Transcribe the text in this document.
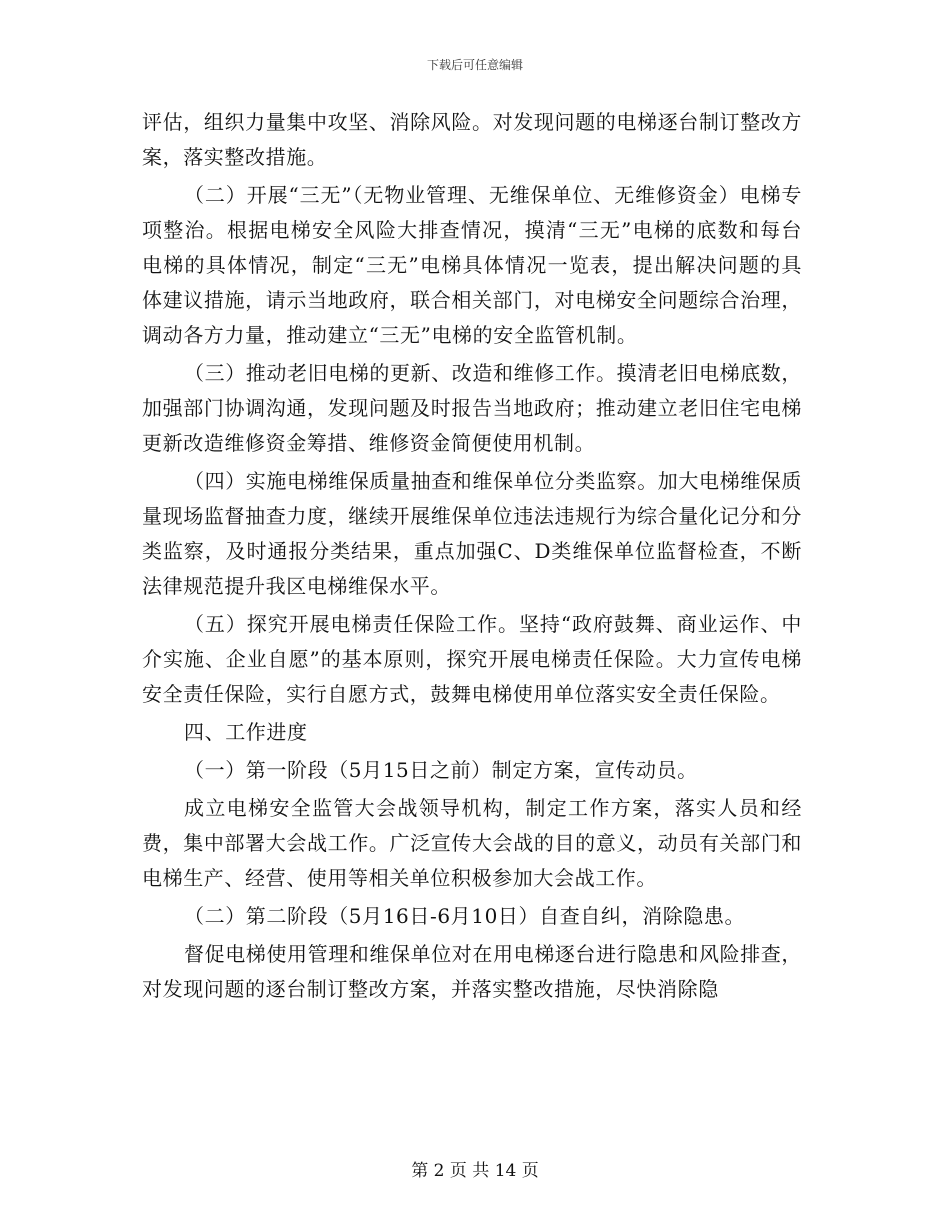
下载后可任意编辑

评估，组织力量集中攻坚、消除风险。对发现问题的电梯逐台制订整改方案，落实整改措施。

（二）开展“三无”（无物业管理、无维保单位、无维修资金）电梯专项整治。根据电梯安全风险大排查情况，摸清“三无”电梯的底数和每台电梯的具体情况，制定“三无”电梯具体情况一览表，提出解决问题的具体建议措施，请示当地政府，联合相关部门，对电梯安全问题综合治理，调动各方力量，推动建立“三无”电梯的安全监管机制。

（三）推动老旧电梯的更新、改造和维修工作。摸清老旧电梯底数，加强部门协调沟通，发现问题及时报告当地政府；推动建立老旧住宅电梯更新改造维修资金筹措、维修资金简便使用机制。

（四）实施电梯维保质量抽查和维保单位分类监察。加大电梯维保质量现场监督抽查力度，继续开展维保单位违法违规行为综合量化记分和分类监察，及时通报分类结果，重点加强C、D类维保单位监督检查，不断法律规范提升我区电梯维保水平。

（五）探究开展电梯责任保险工作。坚持“政府鼓舞、商业运作、中介实施、企业自愿”的基本原则，探究开展电梯责任保险。大力宣传电梯安全责任保险，实行自愿方式，鼓舞电梯使用单位落实安全责任保险。

四、工作进度

（一）第一阶段（5月15日之前）制定方案，宣传动员。

成立电梯安全监管大会战领导机构，制定工作方案，落实人员和经费，集中部署大会战工作。广泛宣传大会战的目的意义，动员有关部门和电梯生产、经营、使用等相关单位积极参加大会战工作。

（二）第二阶段（5月16日-6月10日）自查自纠，消除隐患。

督促电梯使用管理和维保单位对在用电梯逐台进行隐患和风险排查，对发现问题的逐台制订整改方案，并落实整改措施，尽快消除隐

第 2 页 共 14 页
